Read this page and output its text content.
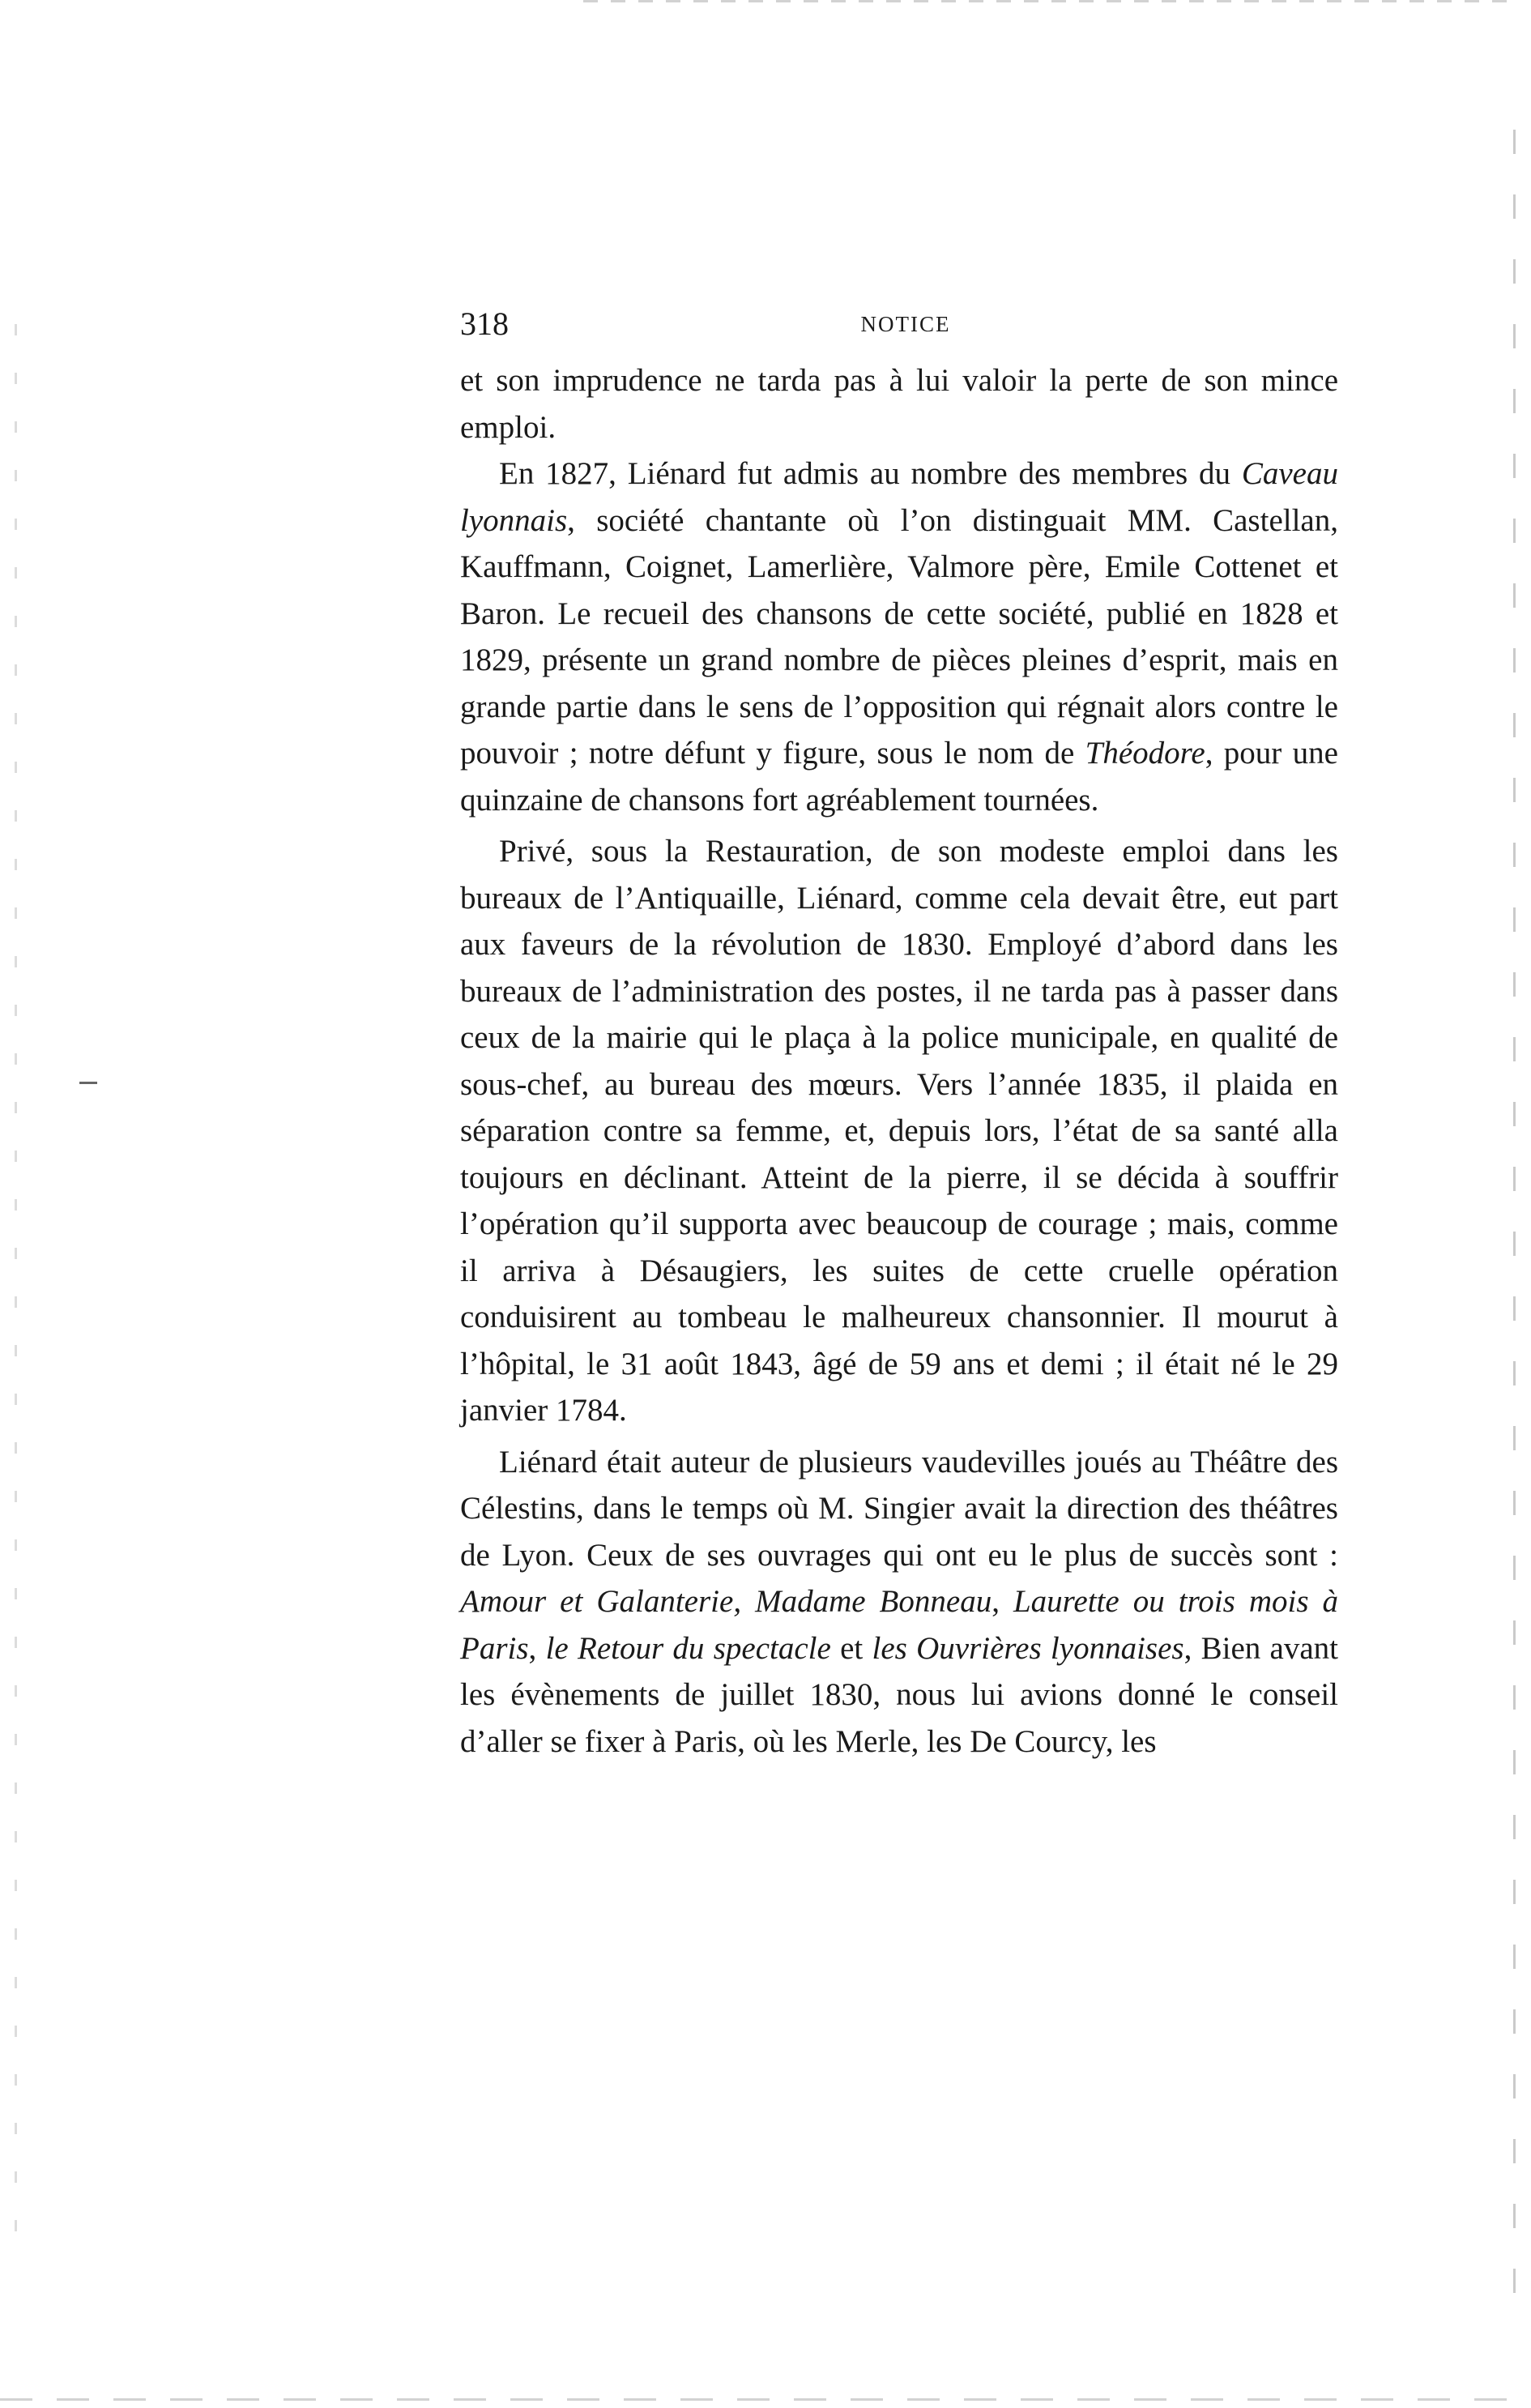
318	NOTICE

et son imprudence ne tarda pas à lui valoir la perte de son mince emploi.

En 1827, Liénard fut admis au nombre des membres du Caveau lyonnais, société chantante où l’on distinguait MM. Castellan, Kauffmann, Coignet, Lamerlière, Valmore père, Emile Cottenet et Baron. Le recueil des chansons de cette société, publié en 1828 et 1829, présente un grand nombre de pièces pleines d’esprit, mais en grande partie dans le sens de l’opposition qui régnait alors contre le pouvoir ; notre défunt y figure, sous le nom de Théodore, pour une quinzaine de chansons fort agréablement tournées.

Privé, sous la Restauration, de son modeste emploi dans les bureaux de l’Antiquaille, Liénard, comme cela devait être, eut part aux faveurs de la révolution de 1830. Employé d’abord dans les bureaux de l’administration des postes, il ne tarda pas à passer dans ceux de la mairie qui le plaça à la police municipale, en qualité de sous-chef, au bureau des mœurs. Vers l’année 1835, il plaida en séparation contre sa femme, et, depuis lors, l’état de sa santé alla toujours en déclinant. Atteint de la pierre, il se décida à souffrir l’opération qu’il supporta avec beaucoup de courage ; mais, comme il arriva à Désaugiers, les suites de cette cruelle opération conduisirent au tombeau le malheureux chansonnier. Il mourut à l’hôpital, le 31 août 1843, âgé de 59 ans et demi ; il était né le 29 janvier 1784.

Liénard était auteur de plusieurs vaudevilles joués au Théâtre des Célestins, dans le temps où M. Singier avait la direction des théâtres de Lyon. Ceux de ses ouvrages qui ont eu le plus de succès sont : Amour et Galanterie, Madame Bonneau, Laurette ou trois mois à Paris, le Retour du spectacle et les Ouvrières lyonnaises, Bien avant les évènements de juillet 1830, nous lui avions donné le conseil d’aller se fixer à Paris, où les Merle, les De Courcy, les
